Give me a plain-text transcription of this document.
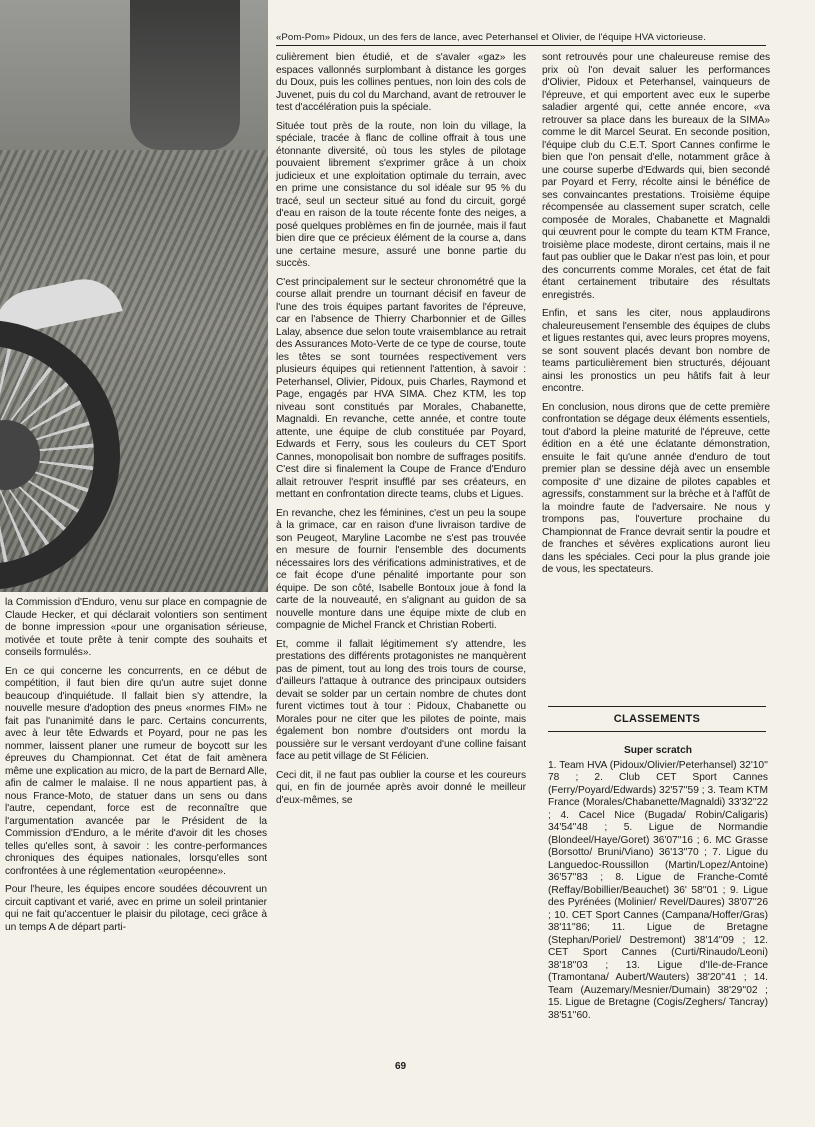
«Pom-Pom» Pidoux, un des fers de lance, avec Peterhansel et Olivier, de l'équipe HVA victorieuse.

la Commission d'Enduro, venu sur place en compagnie de Claude Hecker, et qui déclarait volontiers son sentiment de bonne impression «pour une organisation sérieuse, motivée et toute prête à tenir compte des souhaits et conseils formulés».

En ce qui concerne les concurrents, en ce début de compétition, il faut bien dire qu'un autre sujet donne beaucoup d'inquiétude. Il fallait bien s'y attendre, la nouvelle mesure d'adoption des pneus «normes FIM» ne fait pas l'unanimité dans le parc. Certains concurrents, avec à leur tête Edwards et Poyard, pour ne pas les nommer, laissent planer une rumeur de boycott sur les épreuves du Championnat. Cet état de fait amènera même une explication au micro, de la part de Bernard Alle, afin de calmer le malaise. Il ne nous appartient pas, à nous France-Moto, de statuer dans un sens ou dans l'autre, cependant, force est de reconnaître que l'argumentation avancée par le Président de la Commission d'Enduro, a le mérite d'avoir dit les choses telles qu'elles sont, à savoir : les contre-performances chroniques des équipes nationales, lorsqu'elles sont confrontées à une réglementation «européenne».

Pour l'heure, les équipes encore soudées découvrent un circuit captivant et varié, avec en prime un soleil printanier qui ne fait qu'accentuer le plaisir du pilotage, ceci grâce à un temps A de départ parti-

culièrement bien étudié, et de s'avaler «gaz» les espaces vallonnés surplombant à distance les gorges du Doux, puis les collines pentues, non loin des cols de Juvenet, puis du col du Marchand, avant de retrouver le test d'accélération puis la spéciale.

Située tout près de la route, non loin du village, la spéciale, tracée à flanc de colline offrait à tous une étonnante diversité, où tous les styles de pilotage pouvaient librement s'exprimer grâce à un choix judicieux et une exploitation optimale du terrain, avec en prime une consistance du sol idéale sur 95 % du tracé, seul un secteur situé au fond du circuit, gorgé d'eau en raison de la toute récente fonte des neiges, a posé quelques problèmes en fin de journée, mais il faut bien dire que ce précieux élément de la course a, dans une certaine mesure, assuré une bonne partie du succès.

C'est principalement sur le secteur chronométré que la course allait prendre un tournant décisif en faveur de l'une des trois équipes partant favorites de l'épreuve, car en l'absence de Thierry Charbonnier et de Gilles Lalay, absence due selon toute vraisemblance au retrait des Assurances Moto-Verte de ce type de course, toute les têtes se sont tournées respectivement vers plusieurs équipes qui retiennent l'attention, à savoir : Peterhansel, Olivier, Pidoux, puis Charles, Raymond et Page, engagés par HVA SIMA. Chez KTM, les top niveau sont constitués par Morales, Chabanette, Magnaldi. En revanche, cette année, et contre toute attente, une équipe de club constituée par Poyard, Edwards et Ferry, sous les couleurs du CET Sport Cannes, monopolisait bon nombre de suffrages positifs. C'est dire si finalement la Coupe de France d'Enduro allait retrouver l'esprit insufflé par ses créateurs, en mettant en confrontation directe teams, clubs et Ligues.

En revanche, chez les féminines, c'est un peu la soupe à la grimace, car en raison d'une livraison tardive de son Peugeot, Maryline Lacombe ne s'est pas trouvée en mesure de fournir l'ensemble des documents nécessaires lors des vérifications administratives, et de ce fait écope d'une pénalité importante pour son équipe. De son côté, Isabelle Bontoux joue à fond la carte de la nouveauté, en s'alignant au guidon de sa nouvelle monture dans une équipe mixte de club en compagnie de Michel Franck et Christian Roberti.

Et, comme il fallait légitimement s'y attendre, les prestations des différents protagonistes ne manquèrent pas de piment, tout au long des trois tours de course, d'ailleurs l'attaque à outrance des principaux outsiders devait se solder par un certain nombre de chutes dont furent victimes tout à tour : Pidoux, Chabanette ou Morales pour ne citer que les pilotes de pointe, mais également bon nombre d'outsiders ont mordu la poussière sur le versant verdoyant d'une colline faisant face au petit village de St Félicien.

Ceci dit, il ne faut pas oublier la course et les coureurs qui, en fin de journée après avoir donné le meilleur d'eux-mêmes, se

sont retrouvés pour une chaleureuse remise des prix où l'on devait saluer les performances d'Olivier, Pidoux et Peterhansel, vainqueurs de l'épreuve, et qui emportent avec eux le superbe saladier argenté qui, cette année encore, «va retrouver sa place dans les bureaux de la SIMA» comme le dit Marcel Seurat. En seconde position, l'équipe club du C.E.T. Sport Cannes confirme le bien que l'on pensait d'elle, notamment grâce à une course superbe d'Edwards qui, bien secondé par Poyard et Ferry, récolte ainsi le bénéfice de ses convaincantes prestations. Troisième équipe récompensée au classement super scratch, celle composée de Morales, Chabanette et Magnaldi qui œuvrent pour le compte du team KTM France, troisième place modeste, diront certains, mais il ne faut pas oublier que le Dakar n'est pas loin, et pour des concurrents comme Morales, cet état de fait étant certainement tributaire des résultats enregistrés.

Enfin, et sans les citer, nous applaudirons chaleureusement l'ensemble des équipes de clubs et ligues restantes qui, avec leurs propres moyens, se sont souvent placés devant bon nombre de teams particulièrement bien structurés, déjouant ainsi les pronostics un peu hâtifs fait à leur encontre.

En conclusion, nous dirons que de cette première confrontation se dégage deux éléments essentiels, tout d'abord la pleine maturité de l'épreuve, cette édition en a été une éclatante démonstration, ensuite le fait qu'une année d'enduro de tout premier plan se dessine déjà avec un ensemble composite d' une dizaine de pilotes capables et agressifs, constamment sur la brèche et à l'affût de la moindre faute de l'adversaire. Ne nous y trompons pas, l'ouverture prochaine du Championnat de France devrait sentir la poudre et de franches et sévères explications auront lieu dans les spéciales. Ceci pour la plus grande joie de vous, les spectateurs.

CLASSEMENTS
Super scratch

1. Team HVA (Pidoux/Olivier/Peterhansel) 32'10'' 78 ; 2. Club CET Sport Cannes (Ferry/Poyard/Edwards) 32'57''59 ; 3. Team KTM France (Morales/Chabanette/Magnaldi) 33'32''22 ; 4. Cacel Nice (Bugada/ Robin/Caligaris) 34'54''48 ; 5. Ligue de Normandie (Blondeel/Haye/Goret) 36'07''16 ; 6. MC Grasse (Borsotto/ Bruni/Viano) 36'13''70 ; 7. Ligue du Languedoc-Roussillon (Martin/Lopez/Antoine) 36'57''83 ; 8. Ligue de Franche-Comté (Reffay/Bobillier/Beauchet) 36' 58''01 ; 9. Ligue des Pyrénées (Molinier/ Revel/Daures) 38'07''26 ; 10. CET Sport Cannes (Campana/Hoffer/Gras) 38'11''86; 11. Ligue de Bretagne (Stephan/Poriel/ Destremont) 38'14''09 ; 12. CET Sport Cannes (Curti/Rinaudo/Leoni) 38'18''03 ; 13. Ligue d'Ile-de-France (Tramontana/ Aubert/Wauters) 38'20''41 ; 14. Team (Auzemary/Mesnier/Dumain) 38'29''02 ; 15. Ligue de Bretagne (Cogis/Zeghers/ Tancray) 38'51''60.

69
